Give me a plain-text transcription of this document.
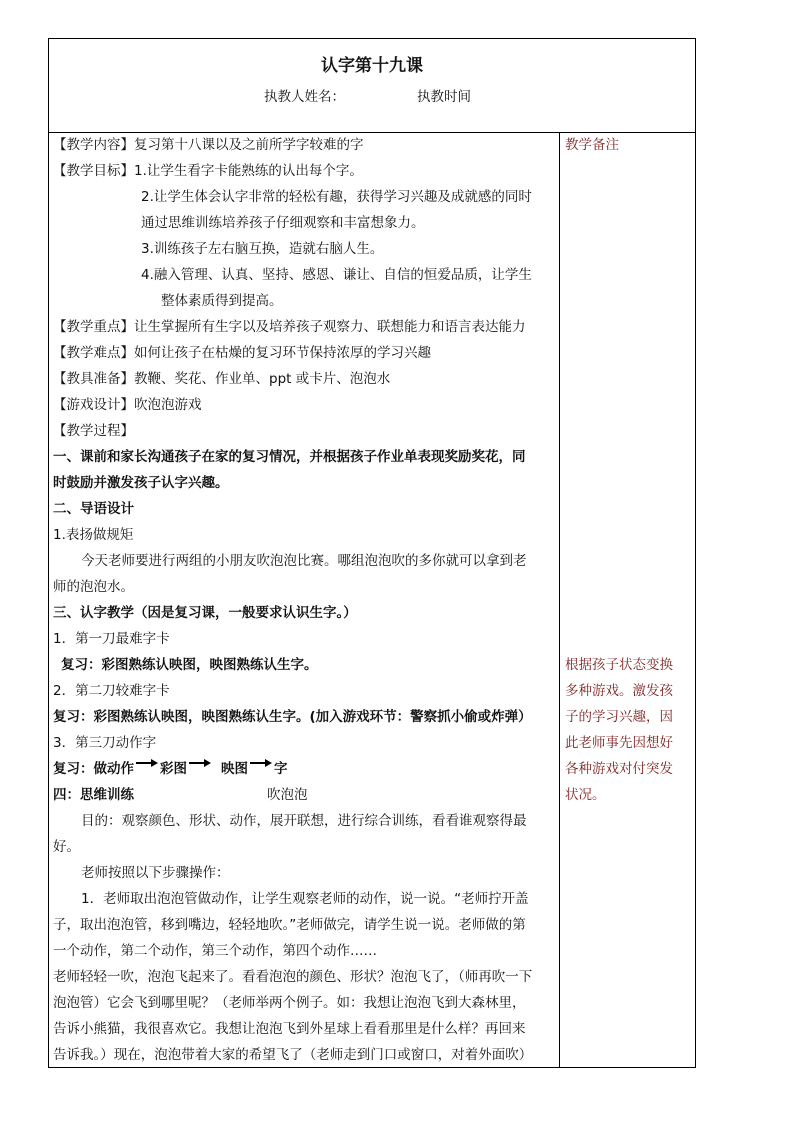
认字第十九课
执教人姓名：	执教时间
【教学内容】复习第十八课以及之前所学字较难的字
【教学目标】1.让学生看字卡能熟练的认出每个字。
2.让学生体会认字非常的轻松有趣，获得学习兴趣及成就感的同时
通过思维训练培养孩子仔细观察和丰富想象力。
3.训练孩子左右脑互换，造就右脑人生。
4.融入管理、认真、坚持、感恩、谦让、自信的恒爱品质，让学生
整体素质得到提高。
【教学重点】让生掌握所有生字以及培养孩子观察力、联想能力和语言表达能力
【教学难点】如何让孩子在枯燥的复习环节保持浓厚的学习兴趣
【教具准备】教鞭、奖花、作业单、ppt 或卡片、泡泡水
【游戏设计】吹泡泡游戏
【教学过程】
一、课前和家长沟通孩子在家的复习情况，并根据孩子作业单表现奖励奖花，同
时鼓励并激发孩子认字兴趣。
二、导语设计
1.表扬做规矩
今天老师要进行两组的小朋友吹泡泡比赛。哪组泡泡吹的多你就可以拿到老
师的泡泡水。
三、认字教学（因是复习课，一般要求认识生字。）
1．第一刀最难字卡
复习：彩图熟练认映图，映图熟练认生字。
2．第二刀较难字卡
复习：彩图熟练认映图，映图熟练认生字。(加入游戏环节：警察抓小偷或炸弹）
3．第三刀动作字
复习：做动作 彩图	映图 字
四：思维训练	吹泡泡
目的：观察颜色、形状、动作，展开联想，进行综合训练，看看谁观察得最
好。
老师按照以下步骤操作：
1．老师取出泡泡管做动作，让学生观察老师的动作，说一说。“老师拧开盖
子，取出泡泡管，移到嘴边，轻轻地吹。”老师做完，请学生说一说。老师做的第
一个动作，第二个动作，第三个动作，第四个动作……
老师轻轻一吹，泡泡飞起来了。看看泡泡的颜色、形状？泡泡飞了，（师再吹一下
泡泡管）它会飞到哪里呢？（老师举两个例子。如：我想让泡泡飞到大森林里，
告诉小熊猫，我很喜欢它。我想让泡泡飞到外星球上看看那里是什么样？再回来
告诉我。）现在，泡泡带着大家的希望飞了（老师走到门口或窗口，对着外面吹）
教学备注
根据孩子状态变换
多种游戏。激发孩
子的学习兴趣，因
此老师事先因想好
各种游戏对付突发
状况。
